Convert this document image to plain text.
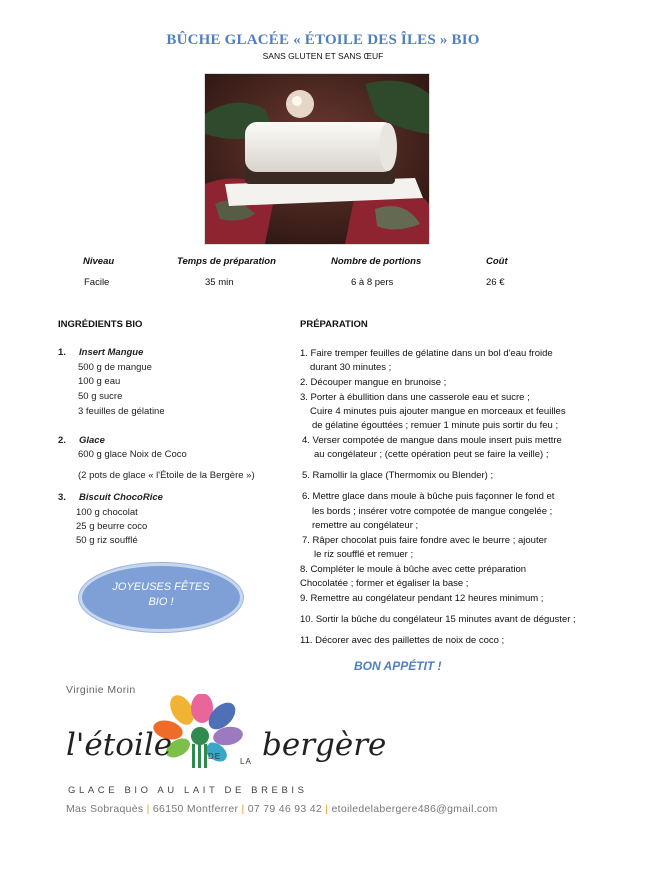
BÛCHE GLACÉE « ÉTOILE DES ÎLES » BIO
SANS GLUTEN ET SANS ŒUF
Niveau	Temps de préparation	Nombre de portions	Coût
Facile	35 min	6 à 8 pers	26 €
INGRÉDIENTS BIO
1. Insert Mangue
500 g de mangue
100 g eau
50 g sucre
3 feuilles de gélatine
2. Glace
600 g glace Noix de Coco
(2 pots de glace « l'Étoile de la Bergère »)
3. Biscuit ChocoRice
100 g chocolat
25 g beurre coco
50 g riz soufflé
JOYEUSES FÊTES
BIO !
PRÉPARATION
1. Faire tremper feuilles de gélatine dans un bol d'eau froide
durant 30 minutes ;
2. Découper mangue en brunoise ;
3. Porter à ébullition dans une casserole eau et sucre ;
Cuire 4 minutes puis ajouter mangue en morceaux et feuilles
de gélatine égouttées ; remuer 1 minute puis sortir du feu ;
4. Verser compotée de mangue dans moule insert puis mettre
au congélateur ; (cette opération peut se faire la veille) ;
5. Ramollir la glace (Thermomix ou Blender) ;
6. Mettre glace dans moule à bûche puis façonner le fond et
les bords ; insérer votre compotée de mangue congelée ;
remettre au congélateur ;
7. Râper chocolat puis faire fondre avec le beurre ; ajouter
le riz soufflé et remuer ;
8. Compléter le moule à bûche avec cette préparation
Chocolatée ; former et égaliser la base ;
9. Remettre au congélateur pendant 12 heures minimum ;
10. Sortir la bûche du congélateur 15 minutes avant de déguster ;
11. Décorer avec des paillettes de noix de coco ;
BON APPÉTIT !
Virginie Morin
l'étoile	DE
LA bergère
GLACE BIO AU LAIT DE BREBIS
Mas Sobraquès | 66150 Montferrer | 07 79 46 93 42 | etoiledelabergere486@gmail.com
